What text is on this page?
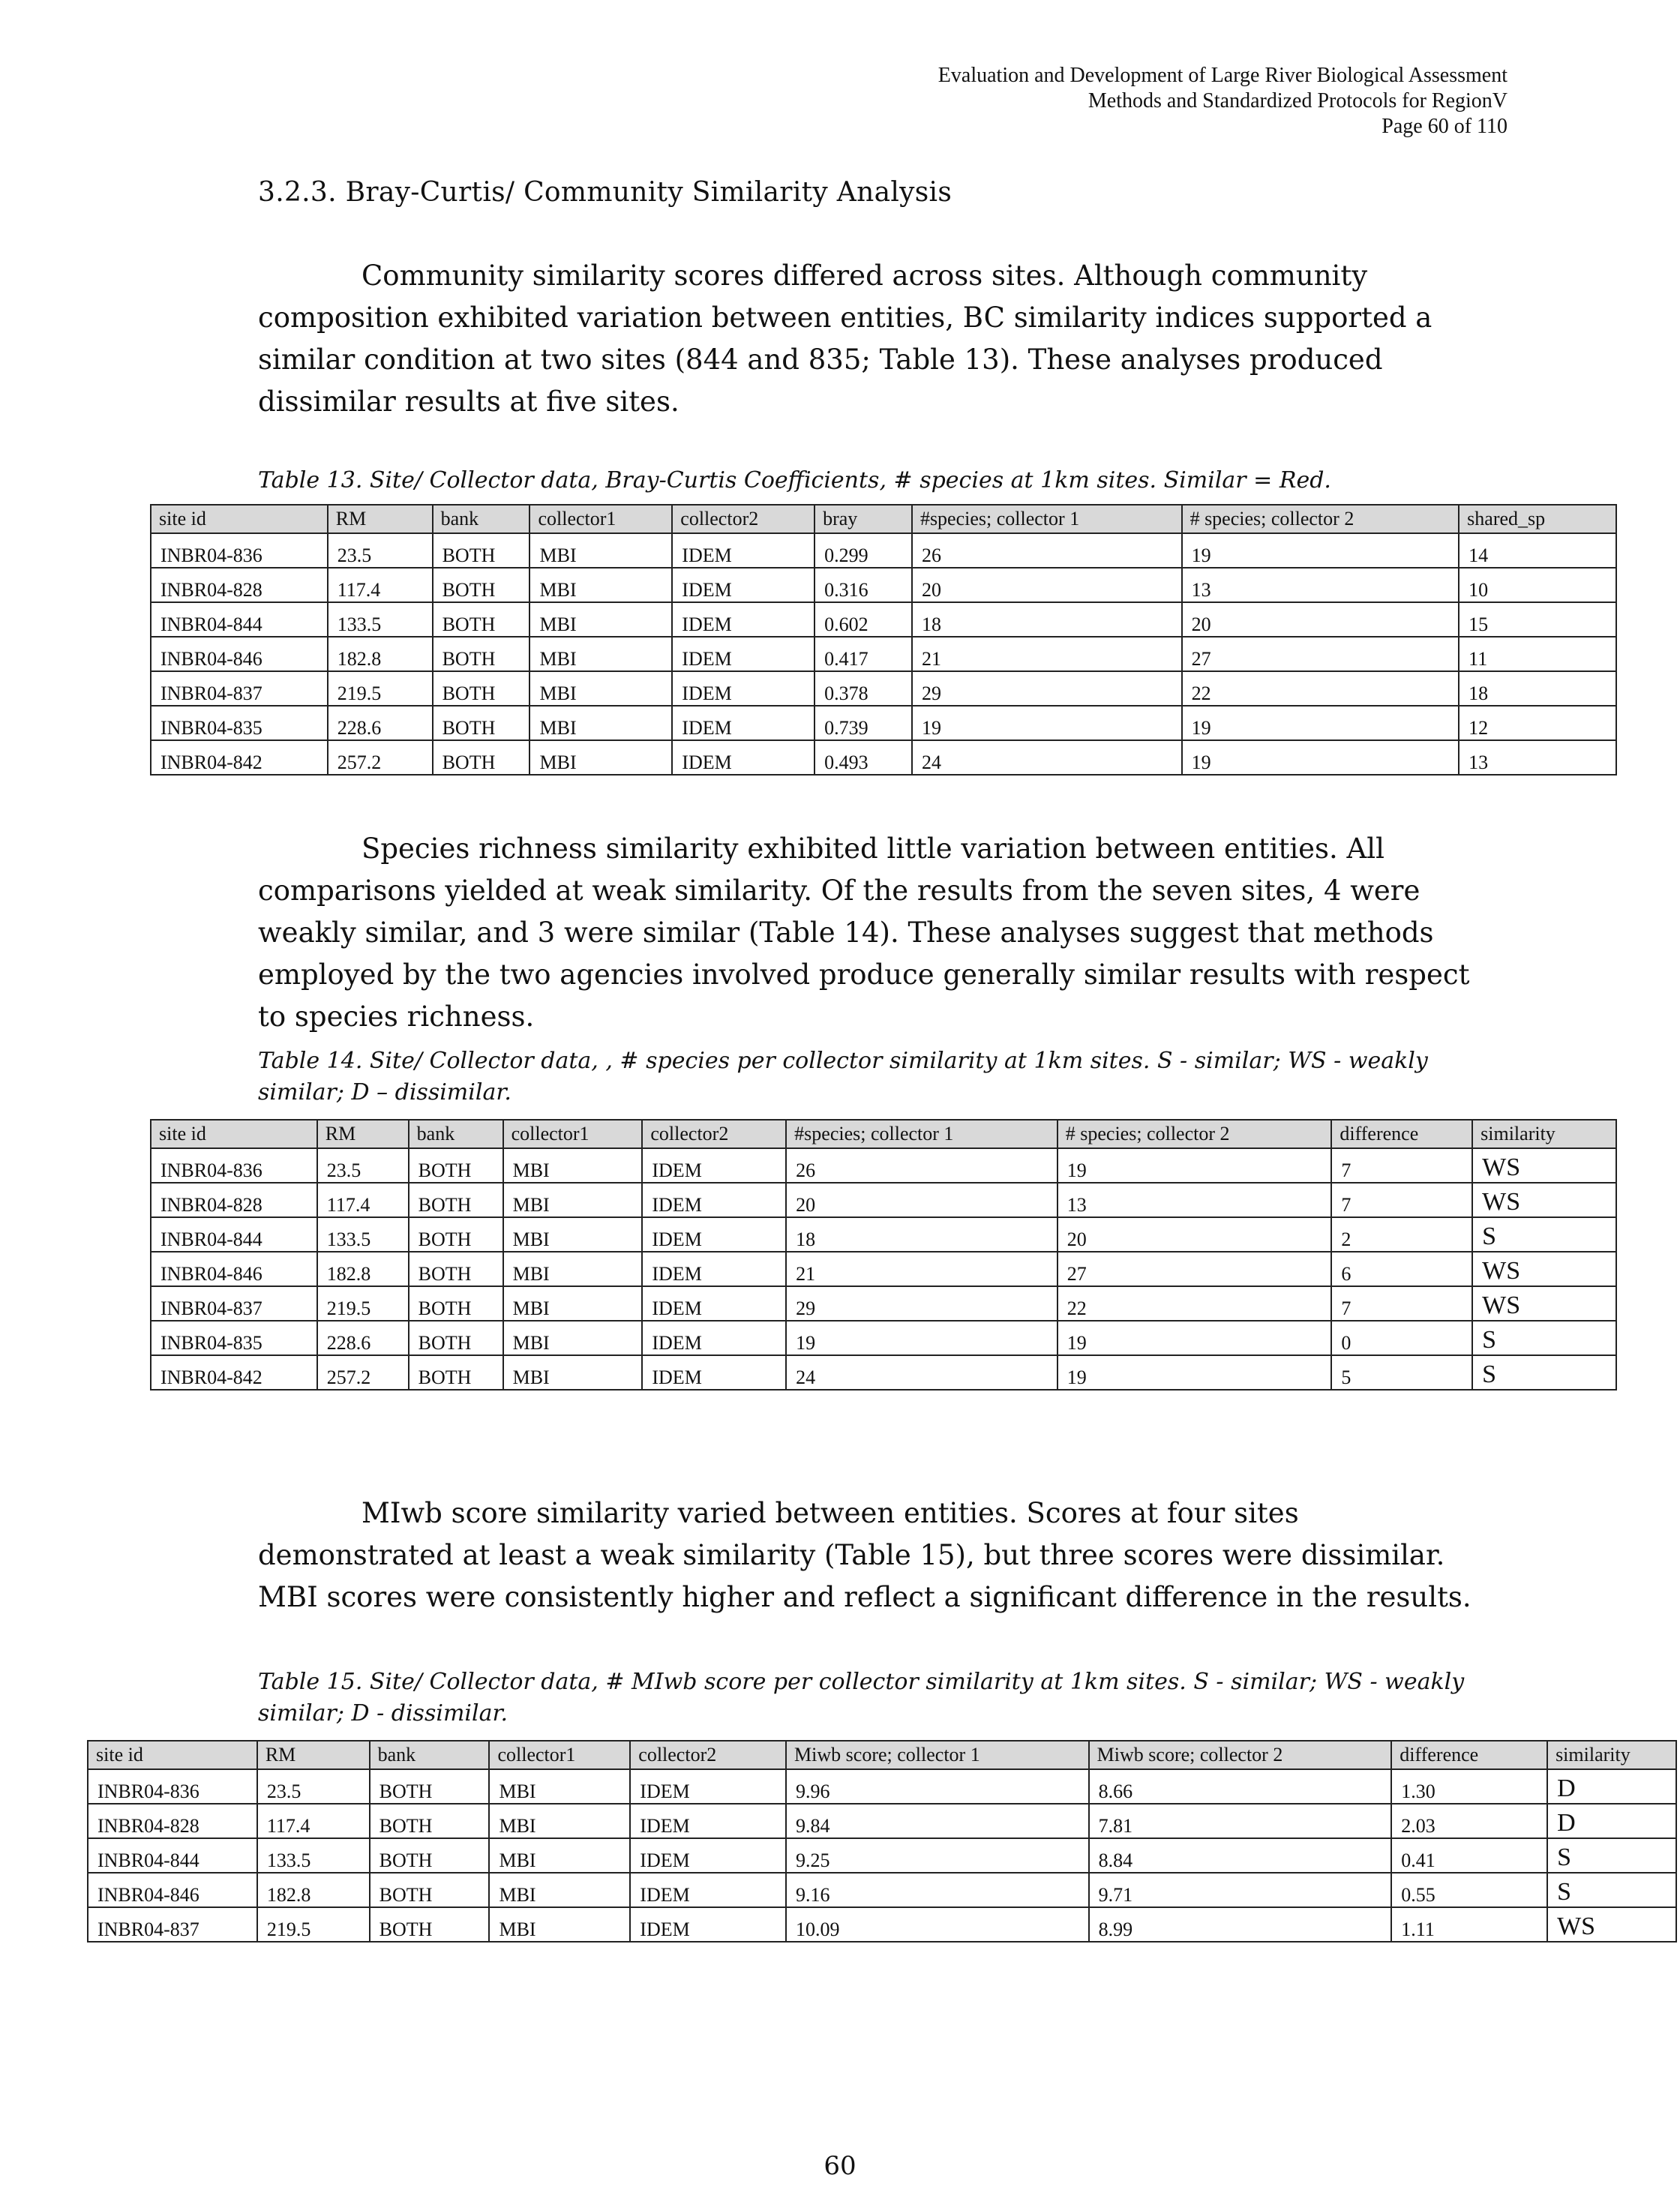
Evaluation and Development of Large River Biological Assessment
Methods and Standardized Protocols for RegionV
Page 60 of 110
3.2.3. Bray-Curtis/ Community Similarity Analysis
Community similarity scores differed across sites. Although community composition exhibited variation between entities, BC similarity indices supported a similar condition at two sites (844 and 835; Table 13). These analyses produced dissimilar results at five sites.
Table 13. Site/ Collector data, Bray-Curtis Coefficients, # species at 1km sites. Similar = Red.
site id	RM	bank	collector1	collector2	bray	#species; collector 1	# species; collector 2	shared_sp
INBR04-836	23.5	BOTH	MBI	IDEM	0.299	26	19	14
INBR04-828	117.4	BOTH	MBI	IDEM	0.316	20	13	10
INBR04-844	133.5	BOTH	MBI	IDEM	0.602	18	20	15
INBR04-846	182.8	BOTH	MBI	IDEM	0.417	21	27	11
INBR04-837	219.5	BOTH	MBI	IDEM	0.378	29	22	18
INBR04-835	228.6	BOTH	MBI	IDEM	0.739	19	19	12
INBR04-842	257.2	BOTH	MBI	IDEM	0.493	24	19	13
Species richness similarity exhibited little variation between entities. All comparisons yielded at weak similarity. Of the results from the seven sites, 4 were weakly similar, and 3 were similar (Table 14). These analyses suggest that methods employed by the two agencies involved produce generally similar results with respect to species richness.
Table 14. Site/ Collector data, , # species per collector similarity at 1km sites. S - similar; WS - weakly similar; D – dissimilar.
site id	RM	bank	collector1	collector2	#species; collector 1	# species; collector 2	difference	similarity
INBR04-836	23.5	BOTH	MBI	IDEM	26	19	7	WS
INBR04-828	117.4	BOTH	MBI	IDEM	20	13	7	WS
INBR04-844	133.5	BOTH	MBI	IDEM	18	20	2	S
INBR04-846	182.8	BOTH	MBI	IDEM	21	27	6	WS
INBR04-837	219.5	BOTH	MBI	IDEM	29	22	7	WS
INBR04-835	228.6	BOTH	MBI	IDEM	19	19	0	S
INBR04-842	257.2	BOTH	MBI	IDEM	24	19	5	S
MIwb score similarity varied between entities. Scores at four sites demonstrated at least a weak similarity (Table 15), but three scores were dissimilar. MBI scores were consistently higher and reflect a significant difference in the results.
Table 15. Site/ Collector data, # MIwb score per collector similarity at 1km sites. S - similar; WS - weakly similar; D - dissimilar.
site id	RM	bank	collector1	collector2	Miwb score; collector 1	Miwb score; collector 2	difference	similarity
INBR04-836	23.5	BOTH	MBI	IDEM	9.96	8.66	1.30	D
INBR04-828	117.4	BOTH	MBI	IDEM	9.84	7.81	2.03	D
INBR04-844	133.5	BOTH	MBI	IDEM	9.25	8.84	0.41	S
INBR04-846	182.8	BOTH	MBI	IDEM	9.16	9.71	0.55	S
INBR04-837	219.5	BOTH	MBI	IDEM	10.09	8.99	1.11	WS
60
